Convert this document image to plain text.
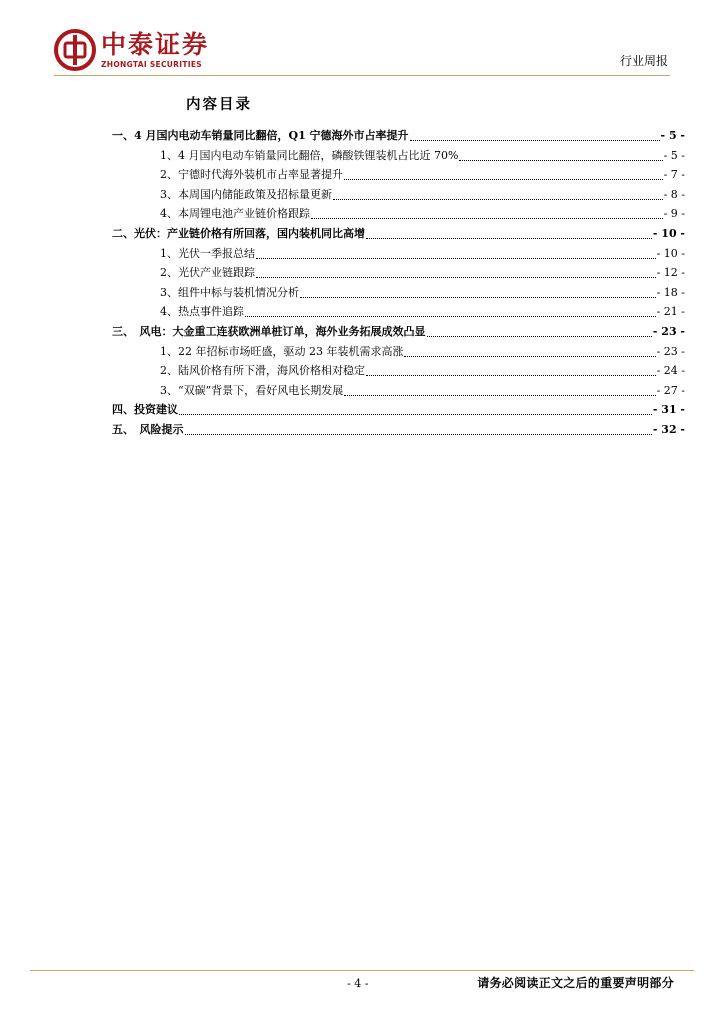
中泰证券
ZHONGTAI SECURITIES	行业周报
内容目录
一、4 月国内电动车销量同比翻倍，Q1 宁德海外市占率提升	- 5 -
1、4 月国内电动车销量同比翻倍，磷酸铁锂装机占比近 70%	- 5 -
2、宁德时代海外装机市占率显著提升	- 7 -
3、本周国内储能政策及招标量更新	- 8 -
4、本周锂电池产业链价格跟踪	- 9 -
二、光伏：产业链价格有所回落，国内装机同比高增	- 10 -
1、光伏一季报总结	- 10 -
2、光伏产业链跟踪	- 12 -
3、组件中标与装机情况分析	- 18 -
4、热点事件追踪	- 21 -
三、　风电：大金重工连获欧洲单桩订单，海外业务拓展成效凸显	- 23 -
1、22 年招标市场旺盛，驱动 23 年装机需求高涨	- 23 -
2、陆风价格有所下滑，海风价格相对稳定	- 24 -
3、“双碳”背景下，看好风电长期发展	- 27 -
四、投资建议	- 31 -
五、　风险提示	- 32 -
- 4 -	请务必阅读正文之后的重要声明部分
